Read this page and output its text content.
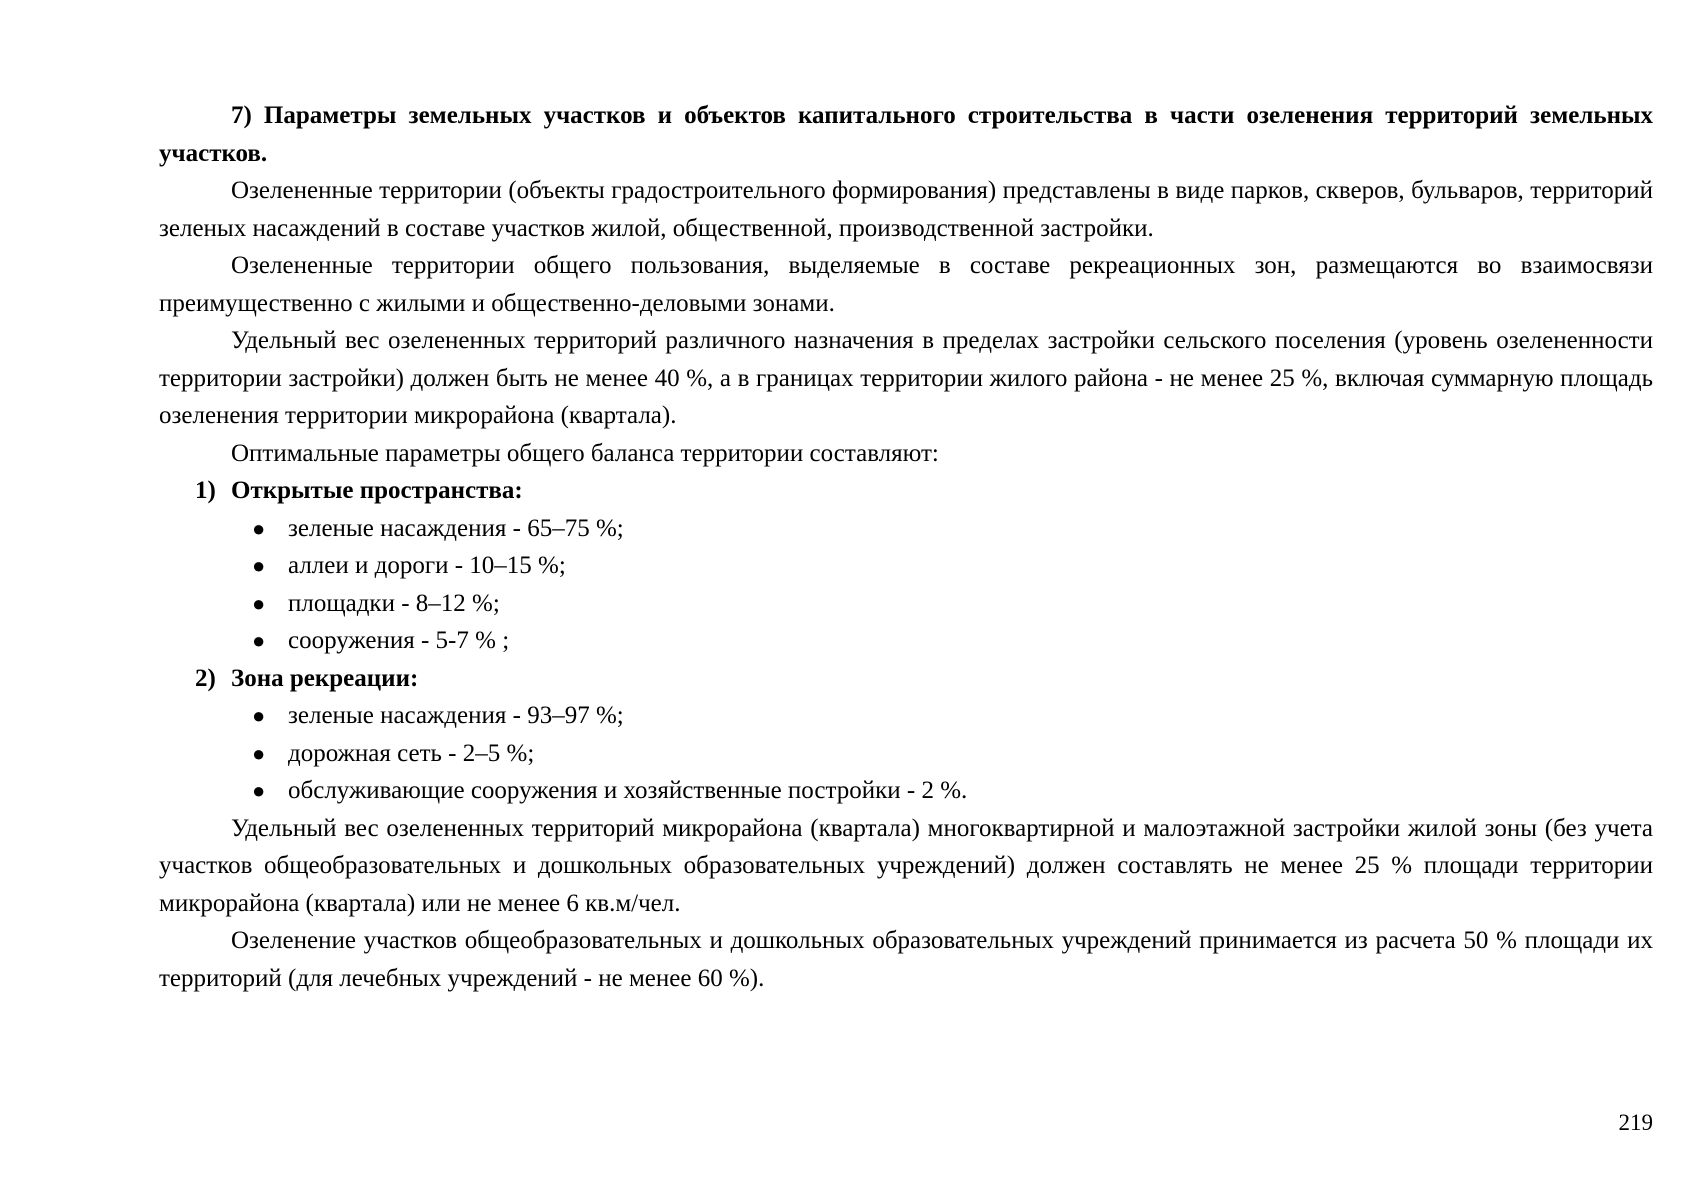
7) Параметры земельных участков и объектов капитального строительства в части озеленения территорий земельных участков.

Озелененные территории (объекты градостроительного формирования) представлены в виде парков, скверов, бульваров, территорий зеленых насаждений в составе участков жилой, общественной, производственной застройки.

Озелененные территории общего пользования, выделяемые в составе рекреационных зон, размещаются во взаимосвязи преимущественно с жилыми и общественно-деловыми зонами.

Удельный вес озелененных территорий различного назначения в пределах застройки сельского поселения (уровень озелененности территории застройки) должен быть не менее 40 %, а в границах территории жилого района - не менее 25 %, включая суммарную площадь озеленения территории микрорайона (квартала).

Оптимальные параметры общего баланса территории составляют:

1) Открытые пространства:
● зеленые насаждения - 65–75 %;
● аллеи и дороги - 10–15 %;
● площадки - 8–12 %;
● сооружения - 5-7 % ;
2) Зона рекреации:
● зеленые насаждения - 93–97 %;
● дорожная сеть - 2–5 %;
● обслуживающие сооружения и хозяйственные постройки - 2 %.

Удельный вес озелененных территорий микрорайона (квартала) многоквартирной и малоэтажной застройки жилой зоны (без учета участков общеобразовательных и дошкольных образовательных учреждений) должен составлять не менее 25 % площади территории микрорайона (квартала) или не менее 6 кв.м/чел.

Озеленение участков общеобразовательных и дошкольных образовательных учреждений принимается из расчета 50 % площади их территорий (для лечебных учреждений - не менее 60 %).

219
